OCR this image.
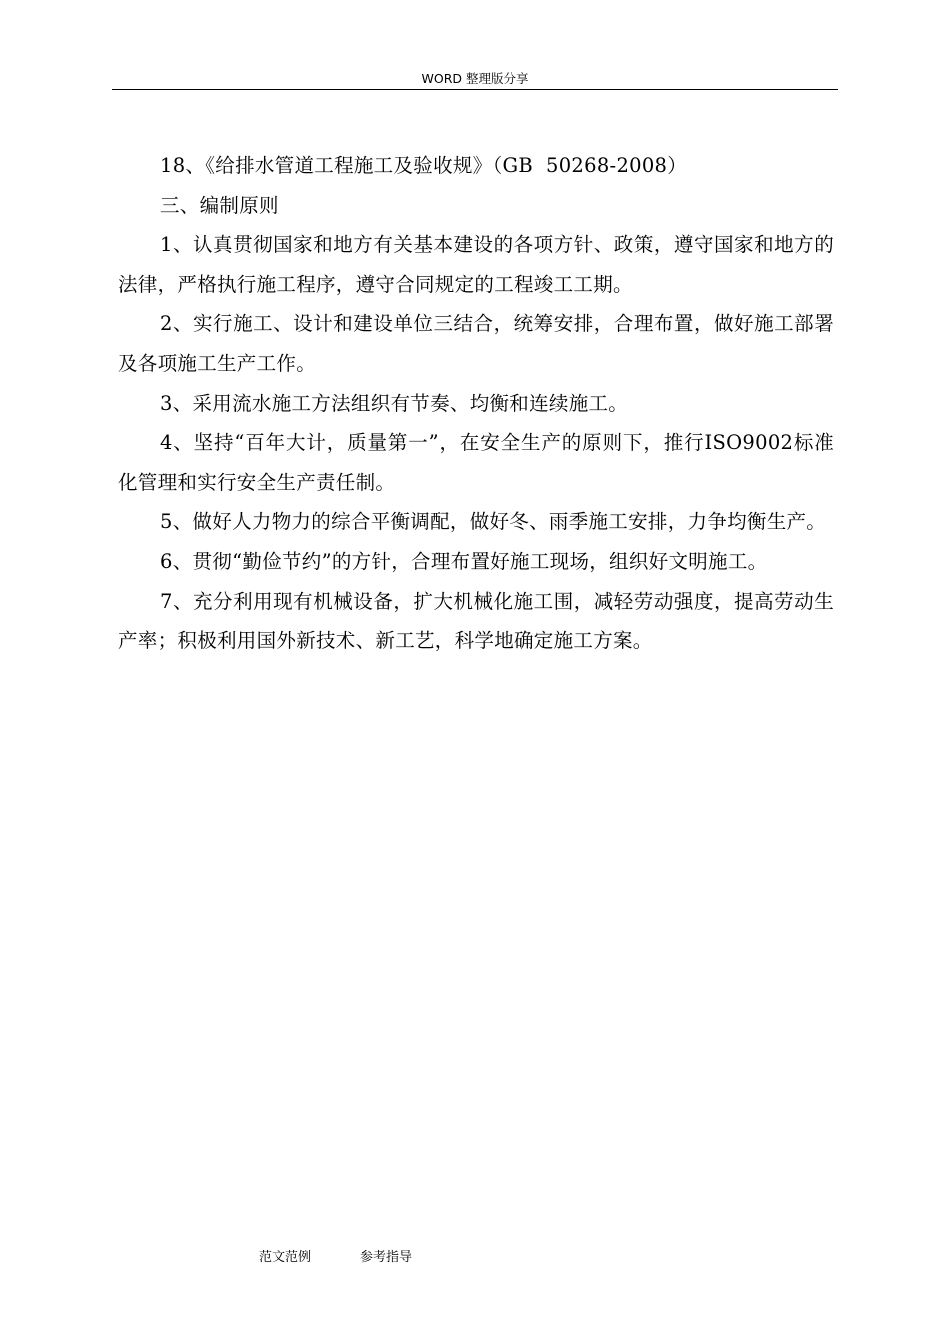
WORD 整理版分享

18、《给排水管道工程施工及验收规》（GB  50268-2008）

三、编制原则

1、认真贯彻国家和地方有关基本建设的各项方针、政策，遵守国家和地方的法律，严格执行施工程序，遵守合同规定的工程竣工工期。

2、实行施工、设计和建设单位三结合，统筹安排，合理布置，做好施工部署及各项施工生产工作。

3、采用流水施工方法组织有节奏、均衡和连续施工。

4、坚持“百年大计，质量第一”，在安全生产的原则下，推行ISO9002标准化管理和实行安全生产责任制。

5、做好人力物力的综合平衡调配，做好冬、雨季施工安排，力争均衡生产。

6、贯彻“勤俭节约”的方针，合理布置好施工现场，组织好文明施工。

7、充分利用现有机械设备，扩大机械化施工围，减轻劳动强度，提高劳动生产率；积极利用国外新技术、新工艺，科学地确定施工方案。

范文范例	参考指导
